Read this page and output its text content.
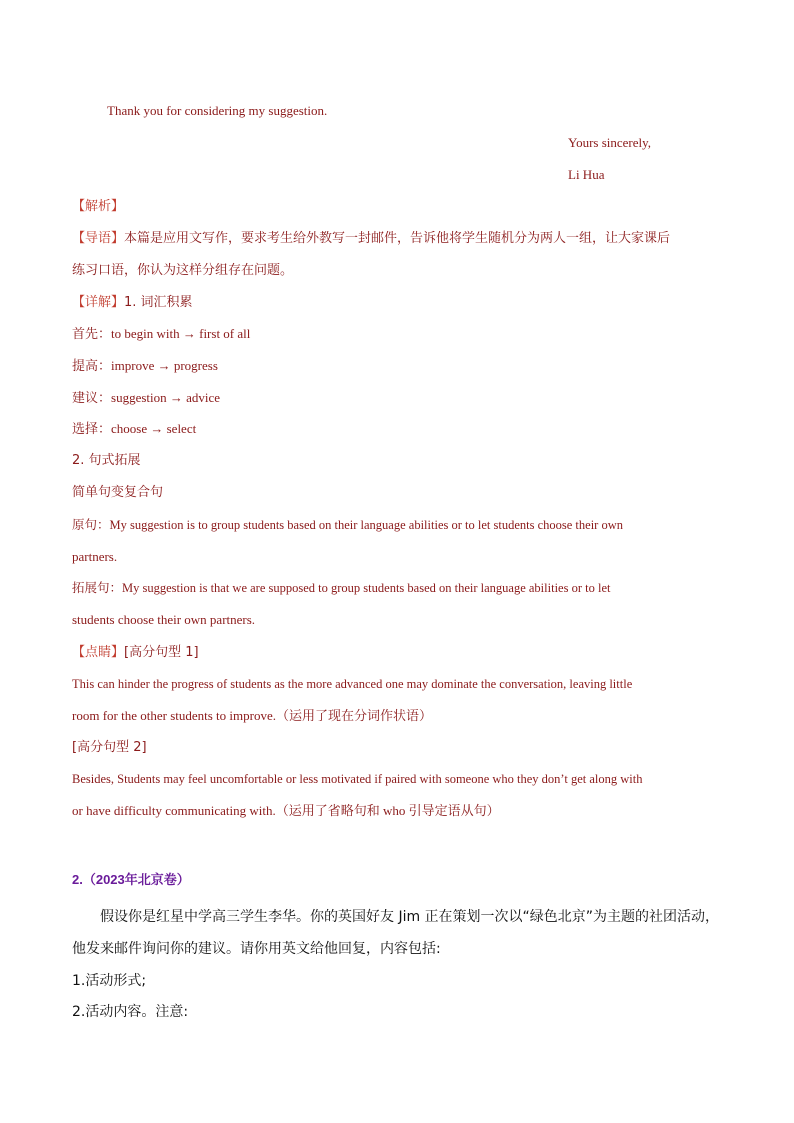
Thank you for considering my suggestion.
Yours sincerely,
Li Hua
【解析】
【导语】本篇是应用文写作，要求考生给外教写一封邮件，告诉他将学生随机分为两人一组，让大家课后
练习口语，你认为这样分组存在问题。
【详解】1. 词汇积累
首先：to begin with → first of all
提高：improve → progress
建议：suggestion → advice
选择：choose → select
2. 句式拓展
简单句变复合句
原句：My suggestion is to group students based on their language abilities or to let students choose their own
partners.
拓展句：My suggestion is that we are supposed to group students based on their language abilities or to let
students choose their own partners.
【点睛】[高分句型 1]
This can hinder the progress of students as the more advanced one may dominate the conversation, leaving little
room for the other students to improve.（运用了现在分词作状语）
[高分句型 2]
Besides, Students may feel uncomfortable or less motivated if paired with someone who they don’t get along with
or have difficulty communicating with.（运用了省略句和 who 引导定语从句）
2.（2023年北京卷）
假设你是红星中学高三学生李华。你的英国好友 Jim 正在策划一次以“绿色北京”为主题的社团活动，
他发来邮件询问你的建议。请你用英文给他回复，内容包括:
1.活动形式;
2.活动内容。注意:
